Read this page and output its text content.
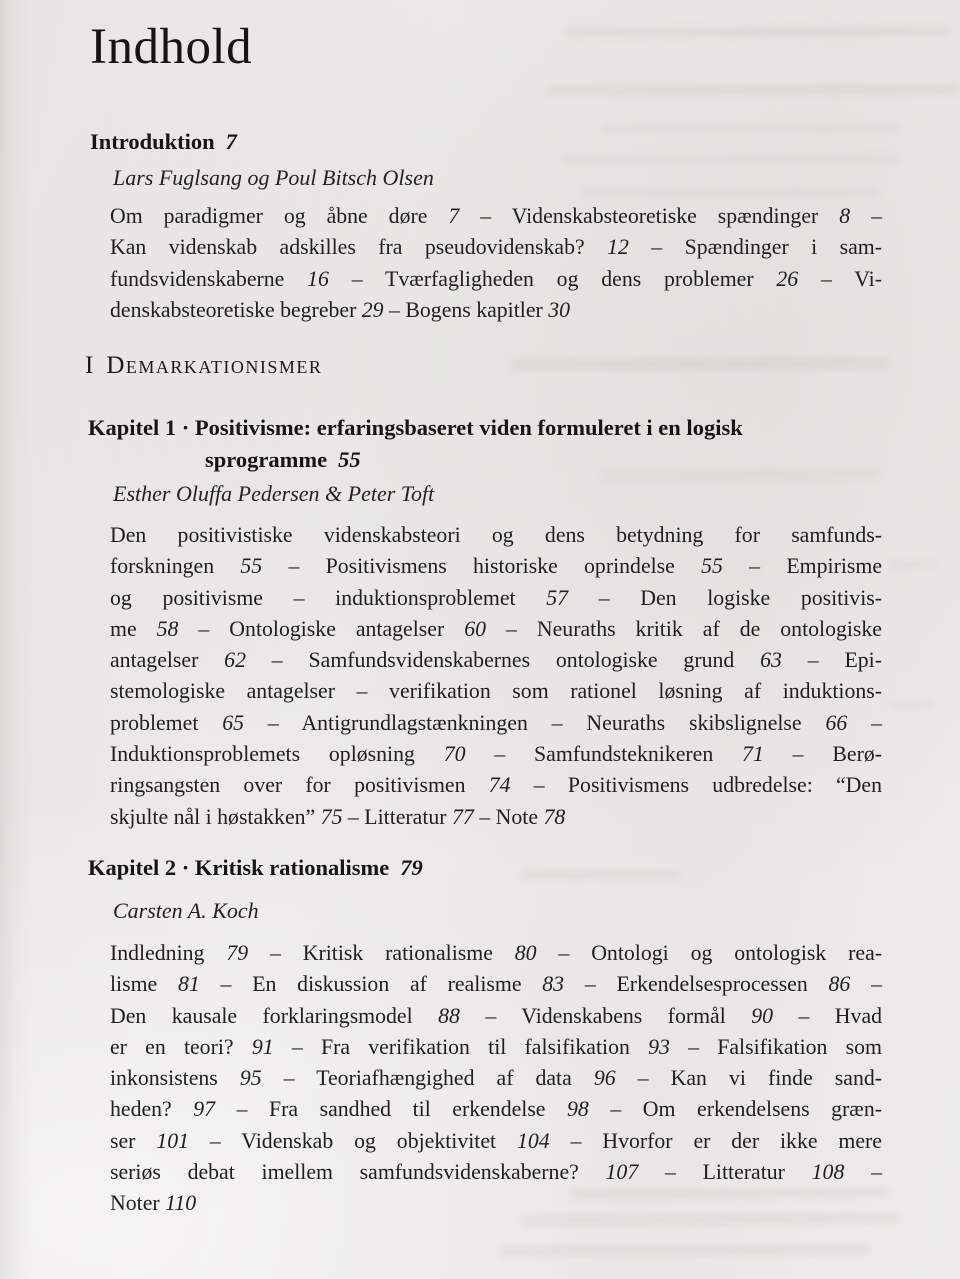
Indhold
Introduktion 7
Lars Fuglsang og Poul Bitsch Olsen
Om paradigmer og åbne døre 7 – Videnskabsteoretiske spændinger 8 –
Kan videnskab adskilles fra pseudovidenskab? 12 – Spændinger i sam-
fundsvidenskaberne 16 – Tværfagligheden og dens problemer 26 – Vi-
denskabsteoretiske begreber 29 – Bogens kapitler 30
I Demarkationismer
Kapitel 1 · Positivisme: erfaringsbaseret viden formuleret i en logisk
sprogramme 55
Esther Oluffa Pedersen & Peter Toft
Den positivistiske videnskabsteori og dens betydning for samfunds-
forskningen 55 – Positivismens historiske oprindelse 55 – Empirisme
og positivisme – induktionsproblemet 57 – Den logiske positivis-
me 58 – Ontologiske antagelser 60 – Neuraths kritik af de ontologiske
antagelser 62 – Samfundsvidenskabernes ontologiske grund 63 – Epi-
stemologiske antagelser – verifikation som rationel løsning af induktions-
problemet 65 – Antigrundlagstænkningen – Neuraths skibslignelse 66 –
Induktionsproblemets opløsning 70 – Samfundsteknikeren 71 – Berø-
ringsangsten over for positivismen 74 – Positivismens udbredelse: “Den
skjulte nål i høstakken” 75 – Litteratur 77 – Note 78
Kapitel 2 · Kritisk rationalisme 79
Carsten A. Koch
Indledning 79 – Kritisk rationalisme 80 – Ontologi og ontologisk rea-
lisme 81 – En diskussion af realisme 83 – Erkendelsesprocessen 86 –
Den kausale forklaringsmodel 88 – Videnskabens formål 90 – Hvad
er en teori? 91 – Fra verifikation til falsifikation 93 – Falsifikation som
inkonsistens 95 – Teoriafhængighed af data 96 – Kan vi finde sand-
heden? 97 – Fra sandhed til erkendelse 98 – Om erkendelsens græn-
ser 101 – Videnskab og objektivitet 104 – Hvorfor er der ikke mere
seriøs debat imellem samfundsvidenskaberne? 107 – Litteratur 108 –
Noter 110
